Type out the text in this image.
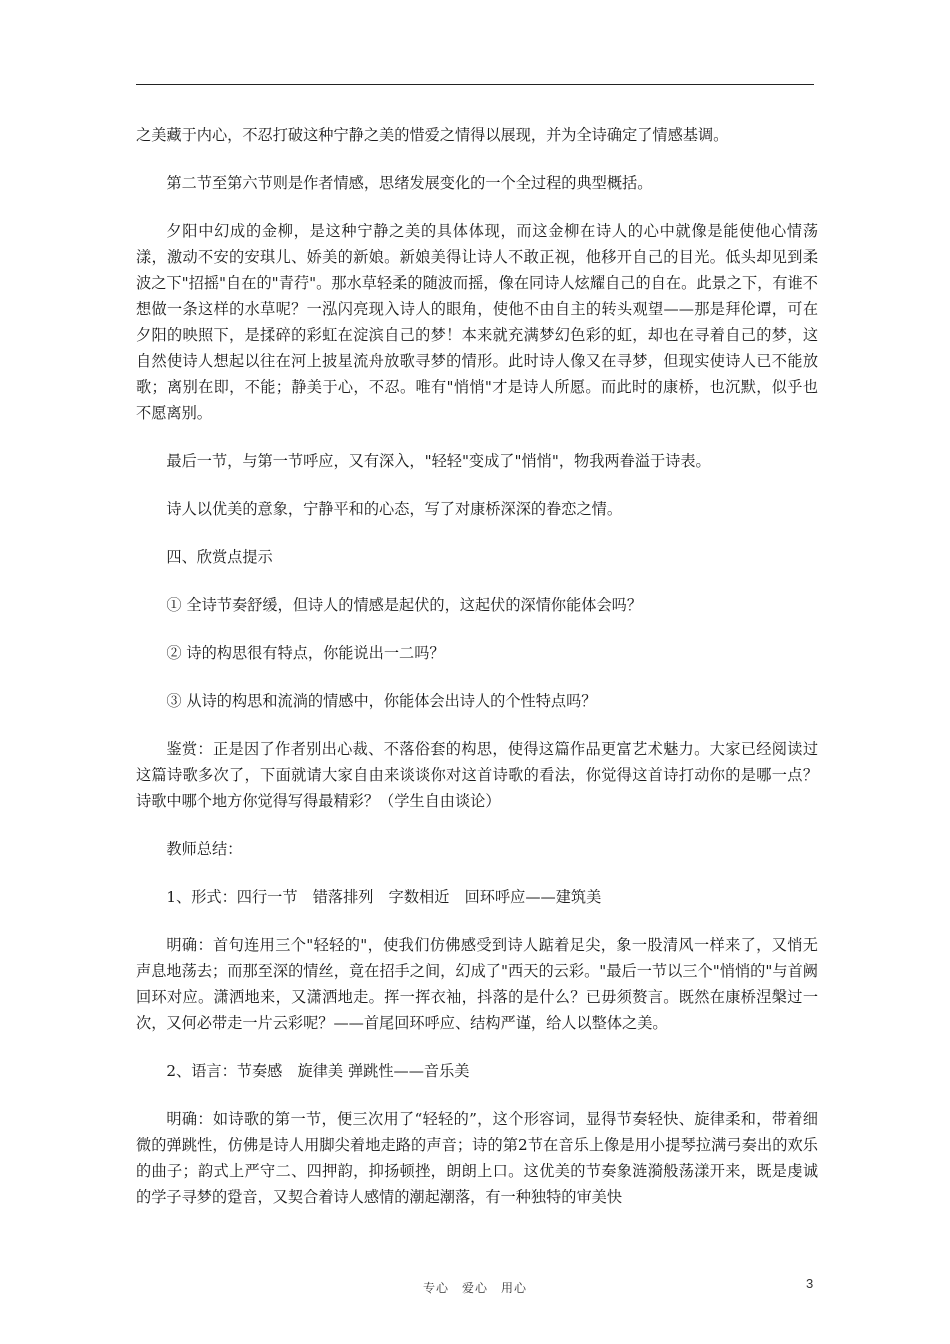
之美藏于内心，不忍打破这种宁静之美的惜爱之情得以展现，并为全诗确定了情感基调。

第二节至第六节则是作者情感，思绪发展变化的一个全过程的典型概括。

夕阳中幻成的金柳，是这种宁静之美的具体体现，而这金柳在诗人的心中就像是能使他心情荡漾，激动不安的安琪儿、娇美的新娘。新娘美得让诗人不敢正视，他移开自己的目光。低头却见到柔波之下"招摇"自在的"青荇"。那水草轻柔的随波而摇，像在同诗人炫耀自己的自在。此景之下，有谁不想做一条这样的水草呢？一泓闪亮现入诗人的眼角，使他不由自主的转头观望——那是拜伦谭，可在夕阳的映照下，是揉碎的彩虹在淀滨自己的梦！本来就充满梦幻色彩的虹，却也在寻着自己的梦，这自然使诗人想起以往在河上披星流舟放歌寻梦的情形。此时诗人像又在寻梦，但现实使诗人已不能放歌；离别在即，不能；静美于心，不忍。唯有"悄悄"才是诗人所愿。而此时的康桥，也沉默，似乎也不愿离别。

最后一节，与第一节呼应，又有深入，"轻轻"变成了"悄悄"，物我两眷溢于诗表。

诗人以优美的意象，宁静平和的心态，写了对康桥深深的眷恋之情。

四、欣赏点提示

① 全诗节奏舒缓，但诗人的情感是起伏的，这起伏的深情你能体会吗？

② 诗的构思很有特点，你能说出一二吗？

③ 从诗的构思和流淌的情感中，你能体会出诗人的个性特点吗？

鉴赏：正是因了作者别出心裁、不落俗套的构思，使得这篇作品更富艺术魅力。大家已经阅读过这篇诗歌多次了，下面就请大家自由来谈谈你对这首诗歌的看法，你觉得这首诗打动你的是哪一点？诗歌中哪个地方你觉得写得最精彩？（学生自由谈论）

教师总结：

1、形式：四行一节　错落排列　字数相近　回环呼应——建筑美

明确：首句连用三个"轻轻的"，使我们仿佛感受到诗人踮着足尖，象一股清风一样来了，又悄无声息地荡去；而那至深的情丝，竟在招手之间，幻成了"西天的云彩。"最后一节以三个"悄悄的"与首阙回环对应。潇洒地来，又潇洒地走。挥一挥衣袖，抖落的是什么？已毋须赘言。既然在康桥涅槃过一次，又何必带走一片云彩呢？——首尾回环呼应、结构严谨，给人以整体之美。

2、语言：节奏感　旋律美 弹跳性——音乐美

明确：如诗歌的第一节，便三次用了“轻轻的”，这个形容词，显得节奏轻快、旋律柔和，带着细微的弹跳性，仿佛是诗人用脚尖着地走路的声音；诗的第2节在音乐上像是用小提琴拉满弓奏出的欢乐的曲子；韵式上严守二、四押韵，抑扬顿挫，朗朗上口。这优美的节奏象涟漪般荡漾开来，既是虔诚的学子寻梦的跫音，又契合着诗人感情的潮起潮落，有一种独特的审美快

专心　爱心　用心	3
